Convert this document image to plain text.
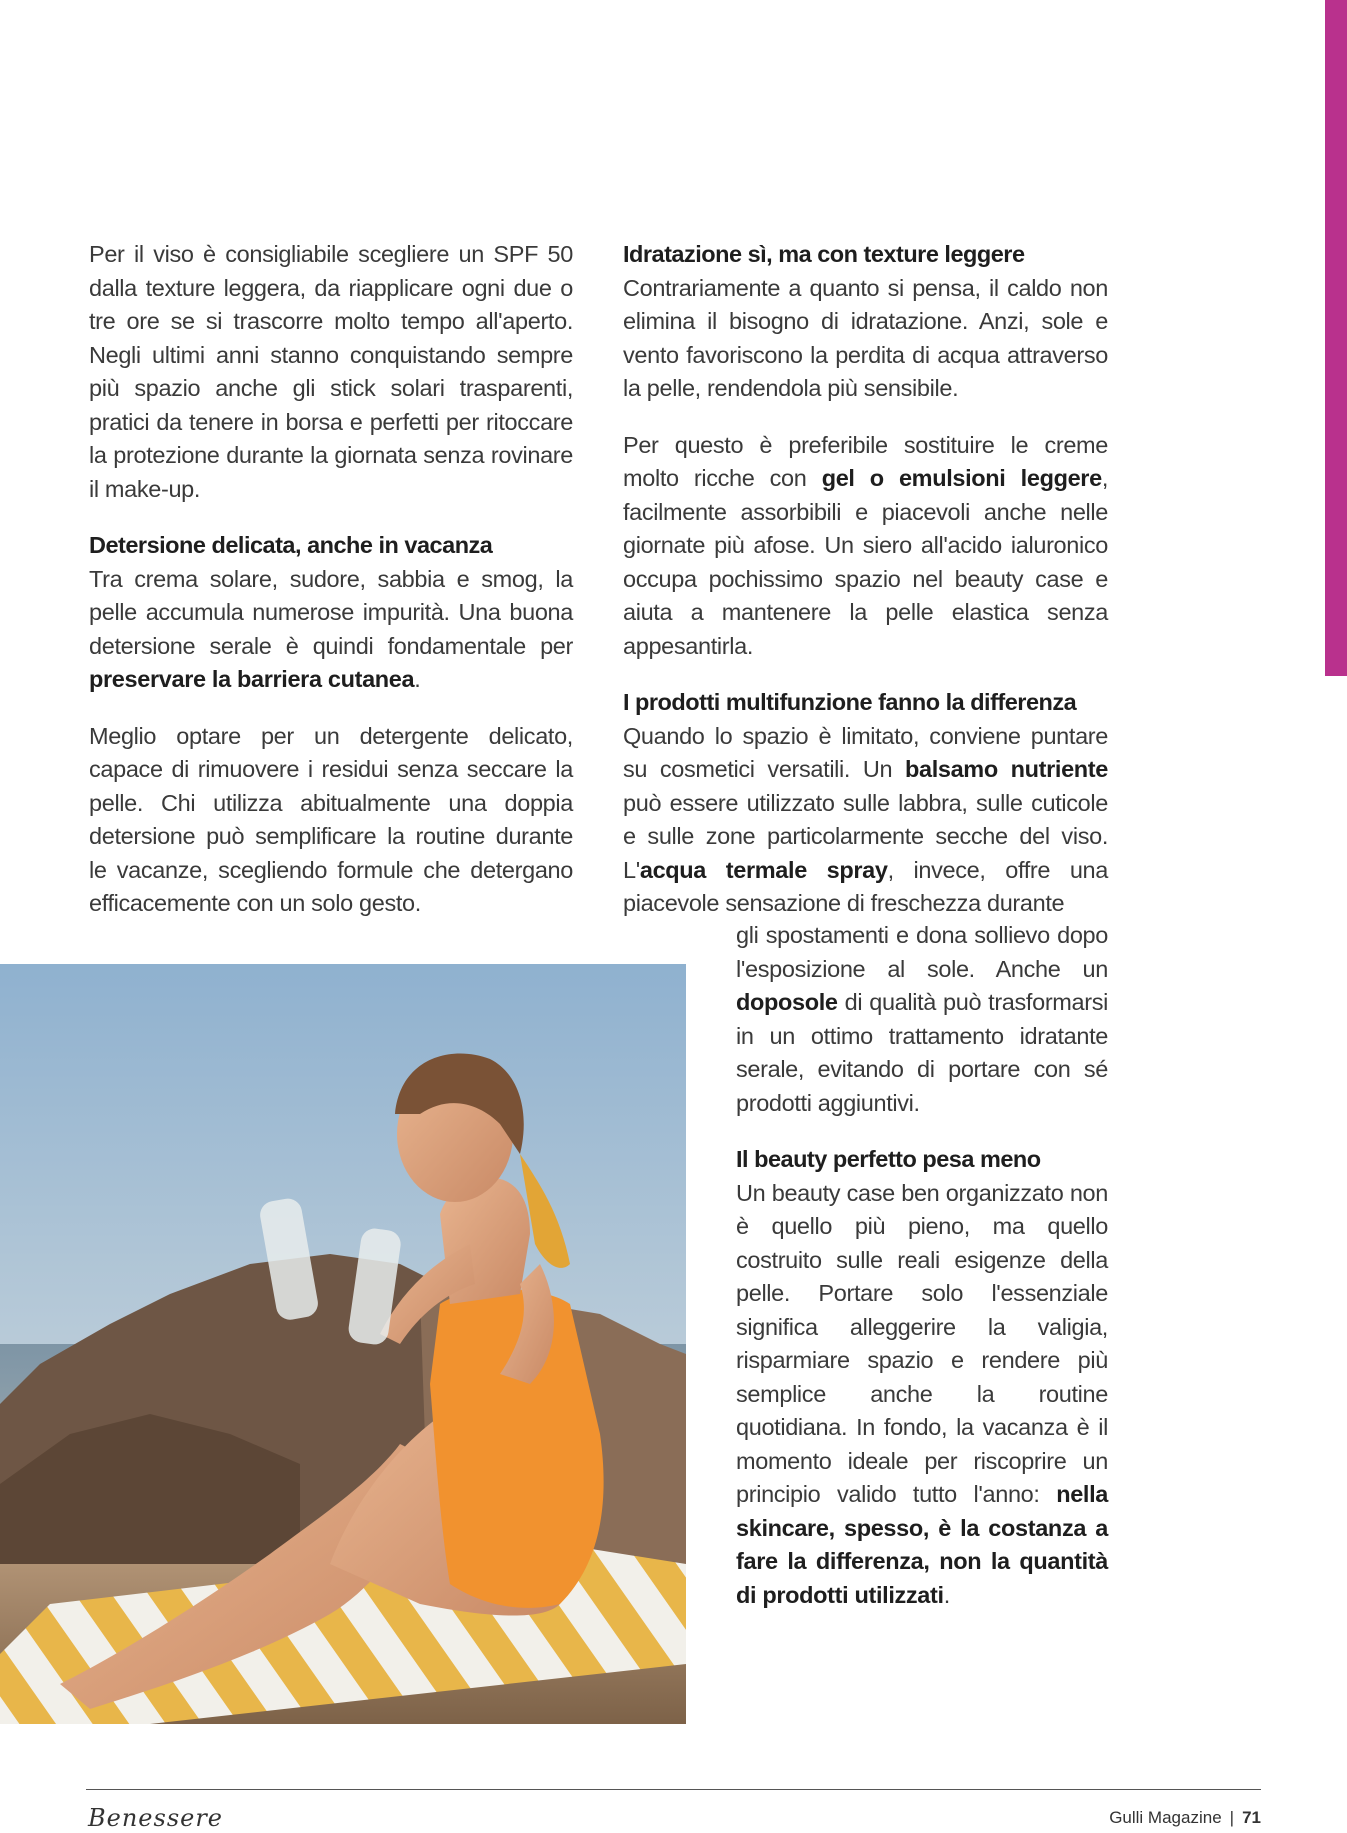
Per il viso è consigliabile scegliere un SPF 50 dalla texture leggera, da riapplicare ogni due o tre ore se si trascorre molto tempo all'aperto. Negli ultimi anni stanno conquistando sempre più spazio anche gli stick solari trasparenti, pratici da tenere in borsa e perfetti per ritoccare la protezione durante la giornata senza rovinare il make-up.

Detersione delicata, anche in vacanza

Tra crema solare, sudore, sabbia e smog, la pelle accumula numerose impurità. Una buona detersione serale è quindi fondamentale per preservare la barriera cutanea.

Meglio optare per un detergente delicato, capace di rimuovere i residui senza seccare la pelle. Chi utilizza abitualmente una doppia detersione può semplificare la routine durante le vacanze, scegliendo formule che detergano efficacemente con un solo gesto.

Idratazione sì, ma con texture leggere

Contrariamente a quanto si pensa, il caldo non elimina il bisogno di idratazione. Anzi, sole e vento favoriscono la perdita di acqua attraverso la pelle, rendendola più sensibile.

Per questo è preferibile sostituire le creme molto ricche con gel o emulsioni leggere, facilmente assorbibili e piacevoli anche nelle giornate più afose. Un siero all'acido ialuronico occupa pochissimo spazio nel beauty case e aiuta a mantenere la pelle elastica senza appesantirla.

I prodotti multifunzione fanno la differenza

Quando lo spazio è limitato, conviene puntare su cosmetici versatili. Un balsamo nutriente può essere utilizzato sulle labbra, sulle cuticole e sulle zone particolarmente secche del viso. L'acqua termale spray, invece, offre una piacevole sensazione di freschezza durante

gli spostamenti e dona sollievo dopo l'esposizione al sole. Anche un doposole di qualità può trasformarsi in un ottimo trattamento idratante serale, evitando di portare con sé prodotti aggiuntivi.

Il beauty perfetto pesa meno

Un beauty case ben organizzato non è quello più pieno, ma quello costruito sulle reali esigenze della pelle. Portare solo l'essenziale significa alleggerire la valigia, risparmiare spazio e rendere più semplice anche la routine quotidiana. In fondo, la vacanza è il momento ideale per riscoprire un principio valido tutto l'anno: nella skincare, spesso, è la costanza a fare la differenza, non la quantità di prodotti utilizzati.

Benessere	Gulli Magazine | 71
